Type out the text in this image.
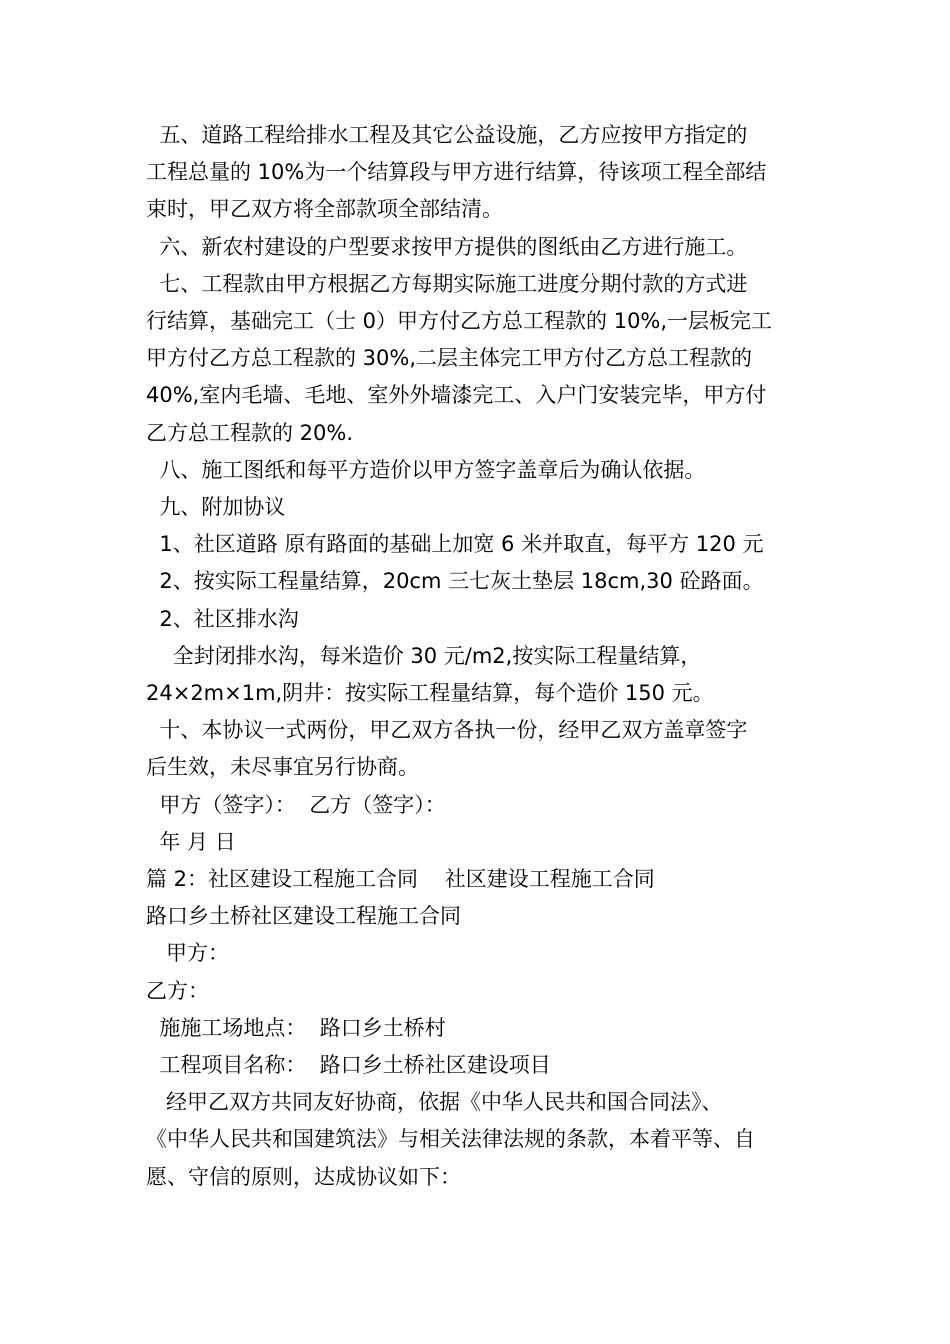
五、道路工程给排水工程及其它公益设施，乙方应按甲方指定的
工程总量的 10%为一个结算段与甲方进行结算，待该项工程全部结
束时，甲乙双方将全部款项全部结清。
六、新农村建设的户型要求按甲方提供的图纸由乙方进行施工。
七、工程款由甲方根据乙方每期实际施工进度分期付款的方式进
行结算，基础完工（士 0）甲方付乙方总工程款的 10%,一层板完工
甲方付乙方总工程款的 30%,二层主体完工甲方付乙方总工程款的
40%,室内毛墙、毛地、室外外墙漆完工、入户门安装完毕，甲方付
乙方总工程款的 20%.
八、施工图纸和每平方造价以甲方签字盖章后为确认依据。
九、附加协议
1、社区道路 原有路面的基础上加宽 6 米并取直，每平方 120 元
2、按实际工程量结算，20cm 三七灰土垫层 18cm,30 砼路面。
2、社区排水沟
全封闭排水沟，每米造价 30 元/m2,按实际工程量结算，
24×2m×1m,阴井：按实际工程量结算，每个造价 150 元。
十、本协议一式两份，甲乙双方各执一份，经甲乙双方盖章签字
后生效，未尽事宜另行协商。
甲方（签字）：  乙方（签字）：
年 月 日
篇 2：社区建设工程施工合同    社区建设工程施工合同
路口乡土桥社区建设工程施工合同
甲方：
乙方：
施施工场地点：  路口乡土桥村
工程项目名称：  路口乡土桥社区建设项目
经甲乙双方共同友好协商，依据《中华人民共和国合同法》、
《中华人民共和国建筑法》与相关法律法规的条款，本着平等、自
愿、守信的原则，达成协议如下：
